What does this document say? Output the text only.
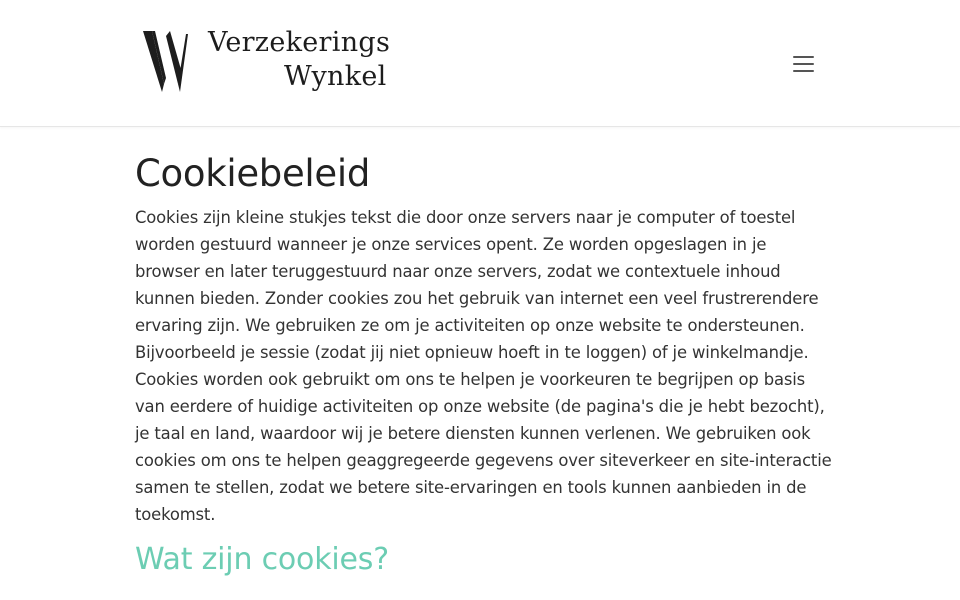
Verzekerings
Wynkel
Cookiebeleid

Cookies zijn kleine stukjes tekst die door onze servers naar je computer of toestel worden gestuurd wanneer je onze services opent. Ze worden opgeslagen in je browser en later teruggestuurd naar onze servers, zodat we contextuele inhoud kunnen bieden. Zonder cookies zou het gebruik van internet een veel frustrerendere ervaring zijn. We gebruiken ze om je activiteiten op onze website te ondersteunen. Bijvoorbeeld je sessie (zodat jij niet opnieuw hoeft in te loggen) of je winkelmandje.

Cookies worden ook gebruikt om ons te helpen je voorkeuren te begrijpen op basis van eerdere of huidige activiteiten op onze website (de pagina's die je hebt bezocht), je taal en land, waardoor wij je betere diensten kunnen verlenen. We gebruiken ook cookies om ons te helpen geaggregeerde gegevens over siteverkeer en site-interactie samen te stellen, zodat we betere site-ervaringen en tools kunnen aanbieden in de toekomst.

Wat zijn cookies?
